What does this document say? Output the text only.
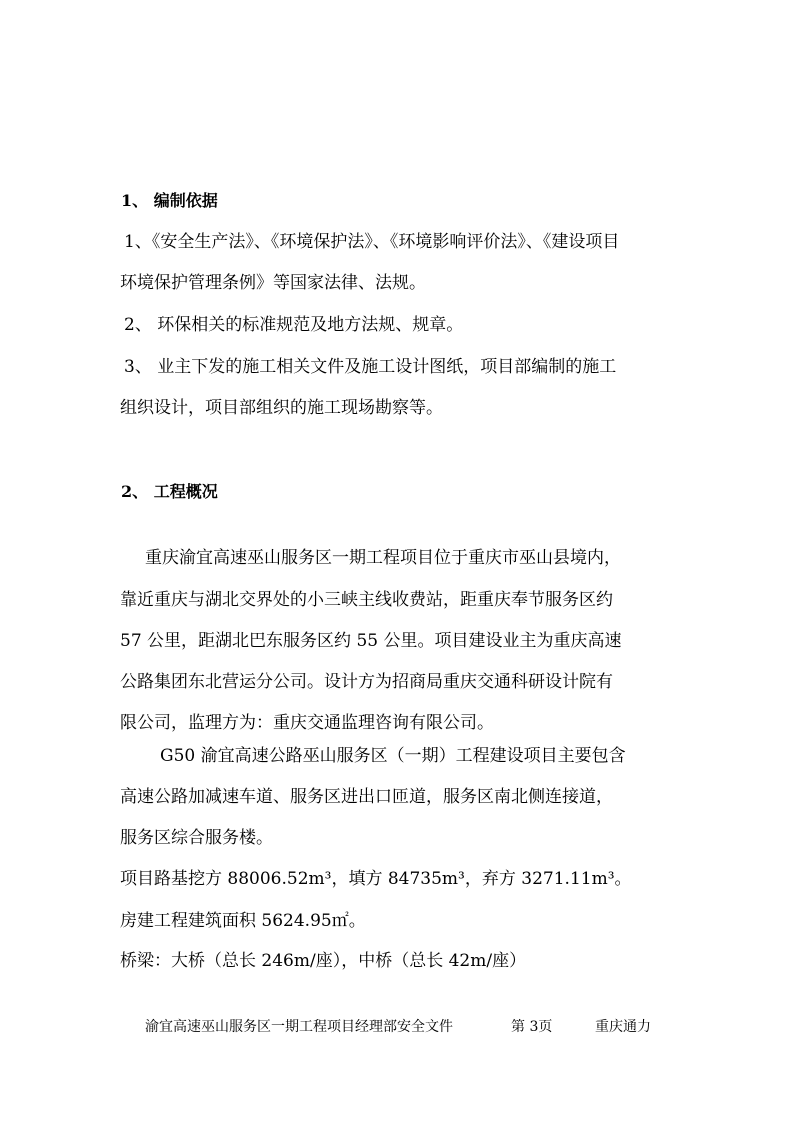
1、 编制依据
1、《安全生产法》、《环境保护法》、《环境影响评价法》、《建设项目
环境保护管理条例》等国家法律、法规。
2、 环保相关的标准规范及地方法规、规章。
3、 业主下发的施工相关文件及施工设计图纸，项目部编制的施工
组织设计，项目部组织的施工现场勘察等。
2、 工程概况
重庆渝宜高速巫山服务区一期工程项目位于重庆市巫山县境内，
靠近重庆与湖北交界处的小三峡主线收费站，距重庆奉节服务区约
57 公里，距湖北巴东服务区约 55 公里。项目建设业主为重庆高速
公路集团东北营运分公司。设计方为招商局重庆交通科研设计院有
限公司，监理方为：重庆交通监理咨询有限公司。
G50 渝宜高速公路巫山服务区（一期）工程建设项目主要包含
高速公路加减速车道、服务区进出口匝道，服务区南北侧连接道，
服务区综合服务楼。
项目路基挖方 88006.52m³，填方 84735m³，弃方 3271.11m³。
房建工程建筑面积 5624.95㎡。
桥梁：大桥（总长 246m/座），中桥（总长 42m/座）
渝宜高速巫山服务区一期工程项目经理部安全文件	第 3页	重庆通力
